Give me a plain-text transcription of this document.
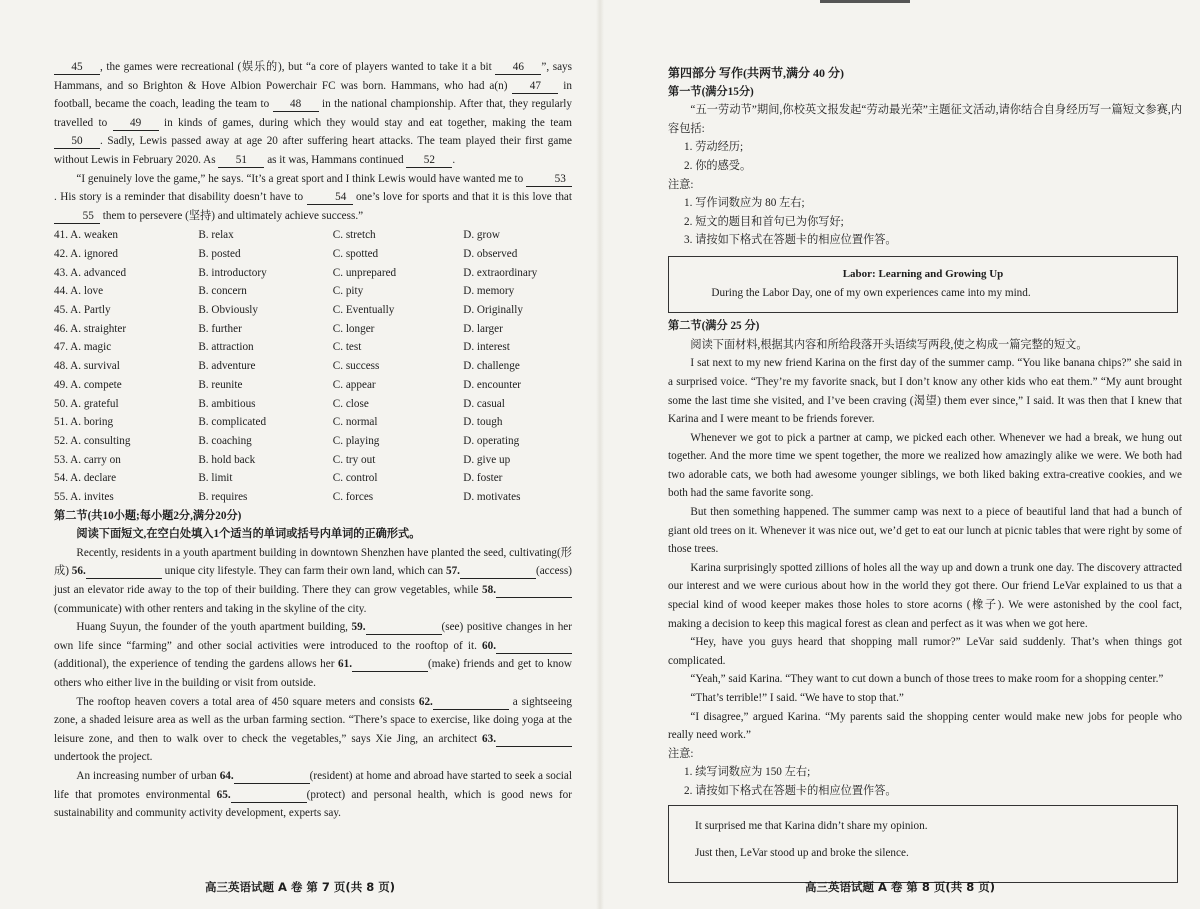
45 , the games were recreational (娱乐的), but “a core of players wanted to take it a bit 46 ”, says Hammans, and so Brighton & Hove Albion Powerchair FC was born. Hammans, who had a(n) 47 in football, became the coach, leading the team to 48 in the national championship. After that, they regularly travelled to 49 in kinds of games, during which they would stay and eat together, making the team 50 . Sadly, Lewis passed away at age 20 after suffering heart attacks. The team played their first game without Lewis in February 2020. As 51 as it was, Hammans continued 52 .

“I genuinely love the game,” he says. “It’s a great sport and I think Lewis would have wanted me to	53. His story is a reminder that disability doesn’t have to	54 one’s love for sports and that it is this love that 55 them to persevere (坚持) and ultimately achieve success.”

41. A. weaken	B. relax	C. stretch	D. grow
42. A. ignored	B. posted	C. spotted	D. observed
43. A. advanced	B. introductory	C. unprepared	D. extraordinary
44. A. love	B. concern	C. pity	D. memory
45. A. Partly	B. Obviously	C. Eventually	D. Originally
46. A. straighter	B. further	C. longer	D. larger
47. A. magic	B. attraction	C. test	D. interest
48. A. survival	B. adventure	C. success	D. challenge
49. A. compete	B. reunite	C. appear	D. encounter
50. A. grateful	B. ambitious	C. close	D. casual
51. A. boring	B. complicated	C. normal	D. tough
52. A. consulting	B. coaching	C. playing	D. operating
53. A. carry on	B. hold back	C. try out	D. give up
54. A. declare	B. limit	C. control	D. foster
55. A. invites	B. requires	C. forces	D. motivates

第二节(共10小题;每小题2分,满分20分)

阅读下面短文,在空白处填入1个适当的单词或括号内单词的正确形式。

Recently, residents in a youth apartment building in downtown Shenzhen have planted the seed, cultivating(形成) 56.	unique city lifestyle. They can farm their own land, which can 57.	(access) just an elevator ride away to the top of their building. There they can grow vegetables, while 58. (communicate) with other renters and taking in the skyline of the city.

Huang Suyun, the founder of the youth apartment building, 59.	(see) positive changes in her own life since “farming” and other social activities were introduced to the rooftop of it. 60. (additional), the experience of tending the gardens allows her 61.	(make) friends and get to know others who either live in the building or visit from outside.

The rooftop heaven covers a total area of 450 square meters and consists 62.	a sightseeing zone, a shaded leisure area as well as the urban farming section. “There’s space to exercise, like doing yoga at the leisure zone, and then to walk over to check the vegetables,” says Xie Jing, an architect 63. undertook the project.

An increasing number of urban 64.	(resident) at home and abroad have started to seek a social life that promotes environmental 65.	(protect) and personal health, which is good news for sustainability and community activity development, experts say.

高三英语试题 A 卷 第 7 页(共 8 页)

第四部分 写作(共两节,满分 40 分)

第一节(满分15分)

“五一劳动节”期间,你校英文报发起“劳动最光荣”主题征文活动,请你结合自身经历写一篇短文参赛,内容包括:

1. 劳动经历;

2. 你的感受。

注意:

1. 写作词数应为 80 左右;

2. 短文的题目和首句已为你写好;

3. 请按如下格式在答题卡的相应位置作答。

Labor: Learning and Growing Up

During the Labor Day, one of my own experiences came into my mind.

第二节(满分 25 分)

阅读下面材料,根据其内容和所给段落开头语续写两段,使之构成一篇完整的短文。

I sat next to my new friend Karina on the first day of the summer camp. “You like banana chips?” she said in a surprised voice. “They’re my favorite snack, but I don’t know any other kids who eat them.” “My aunt brought some the last time she visited, and I’ve been craving (渴望) them ever since,” I said. It was then that I knew that Karina and I were meant to be friends forever.

Whenever we got to pick a partner at camp, we picked each other. Whenever we had a break, we hung out together. And the more time we spent together, the more we realized how amazingly alike we were. We both had two adorable cats, we both had awesome younger siblings, we both liked baking extra-creative cookies, and we both had the same favorite song.

But then something happened. The summer camp was next to a piece of beautiful land that had a bunch of giant old trees on it. Whenever it was nice out, we’d get to eat our lunch at picnic tables that were right by some of those trees.

Karina surprisingly spotted zillions of holes all the way up and down a trunk one day. The discovery attracted our interest and we were curious about how in the world they got there. Our friend LeVar explained to us that a special kind of wood keeper makes those holes to store acorns (橡子). We were astonished by the cool fact, making a decision to keep this magical forest as clean and perfect as it was when we got here.

“Hey, have you guys heard that shopping mall rumor?” LeVar said suddenly. That’s when things got complicated.

“Yeah,” said Karina. “They want to cut down a bunch of those trees to make room for a shopping center.”

“That’s terrible!” I said. “We have to stop that.”

“I disagree,” argued Karina. “My parents said the shopping center would make new jobs for people who really need work.”

注意:

1. 续写词数应为 150 左右;

2. 请按如下格式在答题卡的相应位置作答。

It surprised me that Karina didn’t share my opinion.

Just then, LeVar stood up and broke the silence.

高三英语试题 A 卷 第 8 页(共 8 页)
